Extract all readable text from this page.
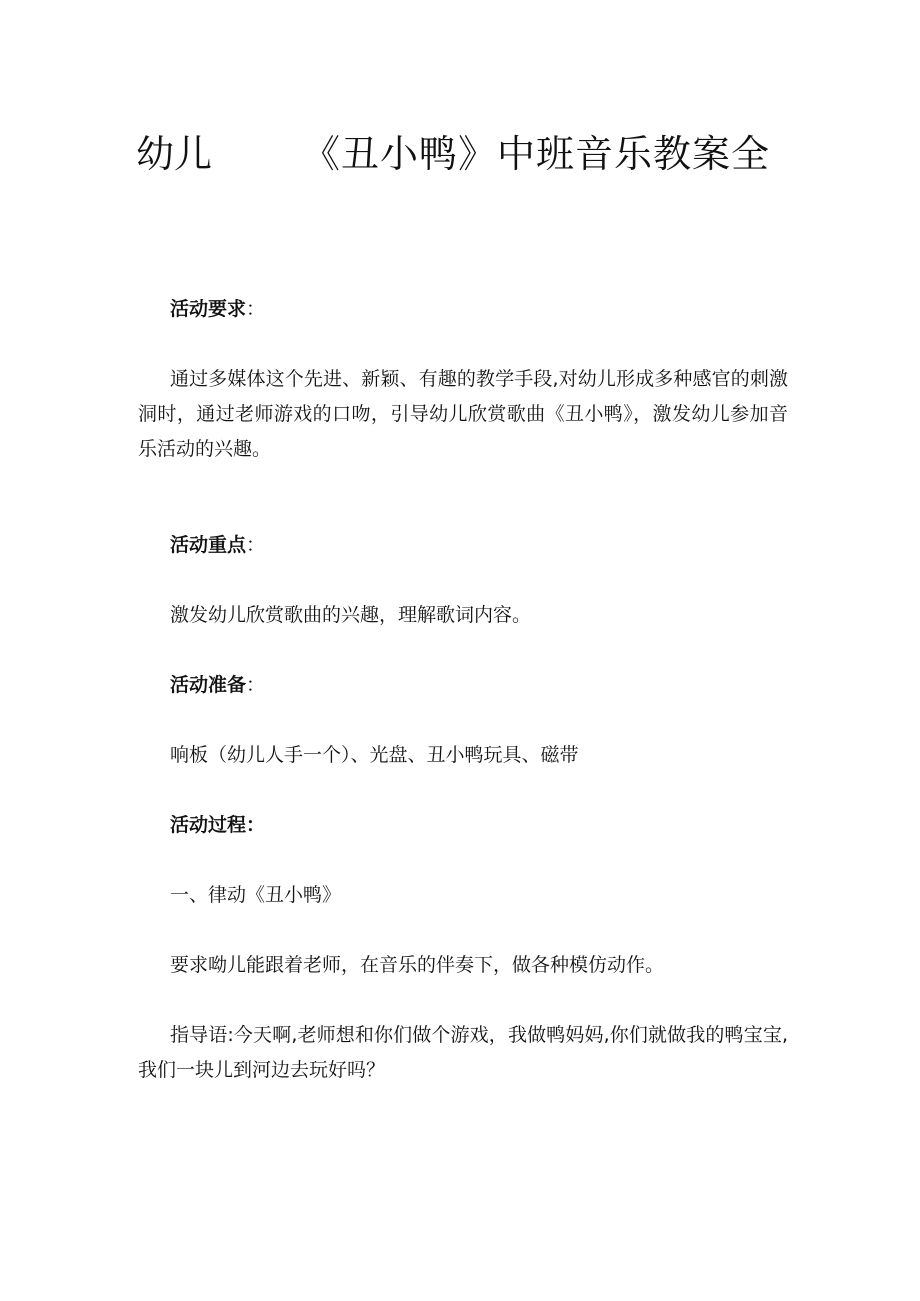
幼儿 《丑小鸭》中班音乐教案全
活动要求：
通过多媒体这个先进、新颖、有趣的教学手段,对幼儿形成多种感官的刺激洞时，通过老师游戏的口吻，引导幼儿欣赏歌曲《丑小鸭》，激发幼儿参加音乐活动的兴趣。
活动重点：
激发幼儿欣赏歌曲的兴趣，理解歌词内容。
活动准备：
响板（幼儿人手一个）、光盘、丑小鸭玩具、磁带
活动过程：
一、律动《丑小鸭》
要求呦儿能跟着老师，在音乐的伴奏下，做各种模仿动作。
指导语:今天啊,老师想和你们做个游戏，我做鸭妈妈,你们就做我的鸭宝宝,我们一块儿到河边去玩好吗？
